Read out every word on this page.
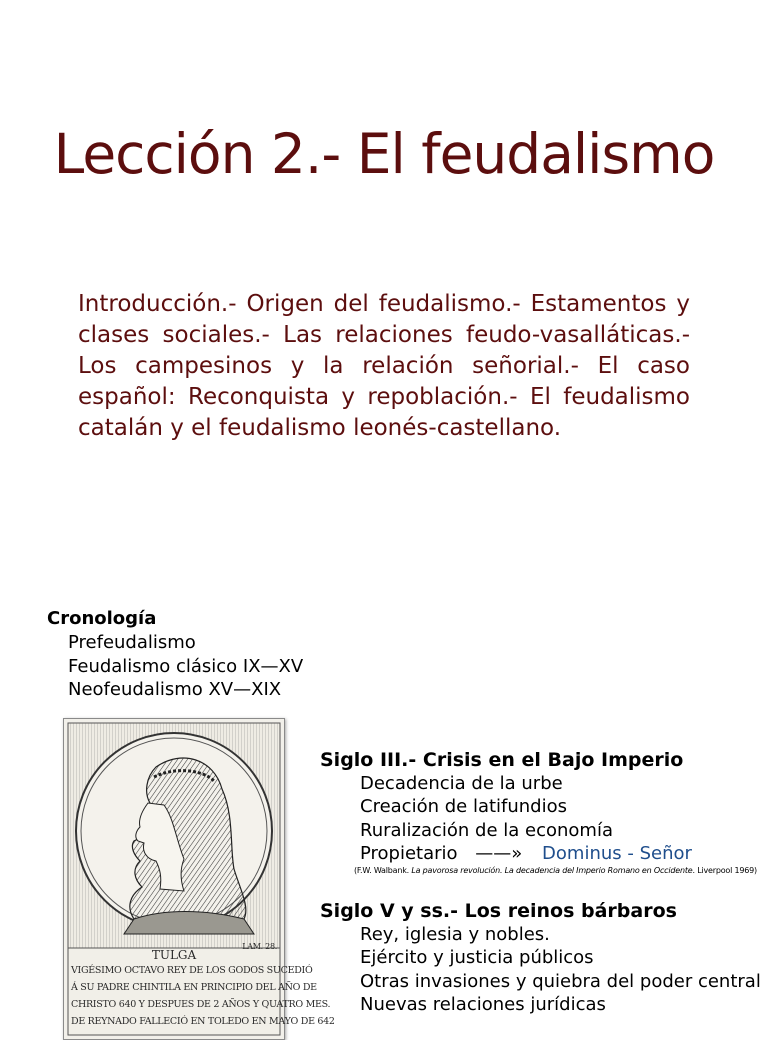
Lección 2.- El feudalismo
Introducción.- Origen del feudalismo.- Estamentos y clases sociales.- Las relaciones feudo-vasalláticas.- Los campesinos y la relación señorial.- El caso español: Reconquista y repoblación.- El feudalismo catalán y el feudalismo leonés-castellano.
Cronología
Prefeudalismo
Feudalismo clásico IX—XV
Neofeudalismo XV—XIX
LAM. 28.
TULGA
VIGÉSIMO OCTAVO REY DE LOS GODOS SUCEDIÓ
Á SU PADRE CHINTILA EN PRINCIPIO DEL AÑO DE
CHRISTO 640 Y DESPUES DE 2 AÑOS Y QUATRO MES.
DE REYNADO FALLECIÓ EN TOLEDO EN MAYO DE 642
Siglo III.- Crisis en el Bajo Imperio
Decadencia de la urbe
Creación de latifundios
Ruralización de la economía
Propietario ——» Dominus - Señor
(F.W. Walbank. La pavorosa revolución. La decadencia del Imperio Romano en Occidente. Liverpool 1969)
Siglo V y ss.- Los reinos bárbaros
Rey, iglesia y nobles.
Ejército y justicia públicos
Otras invasiones y quiebra del poder central
Nuevas relaciones jurídicas
